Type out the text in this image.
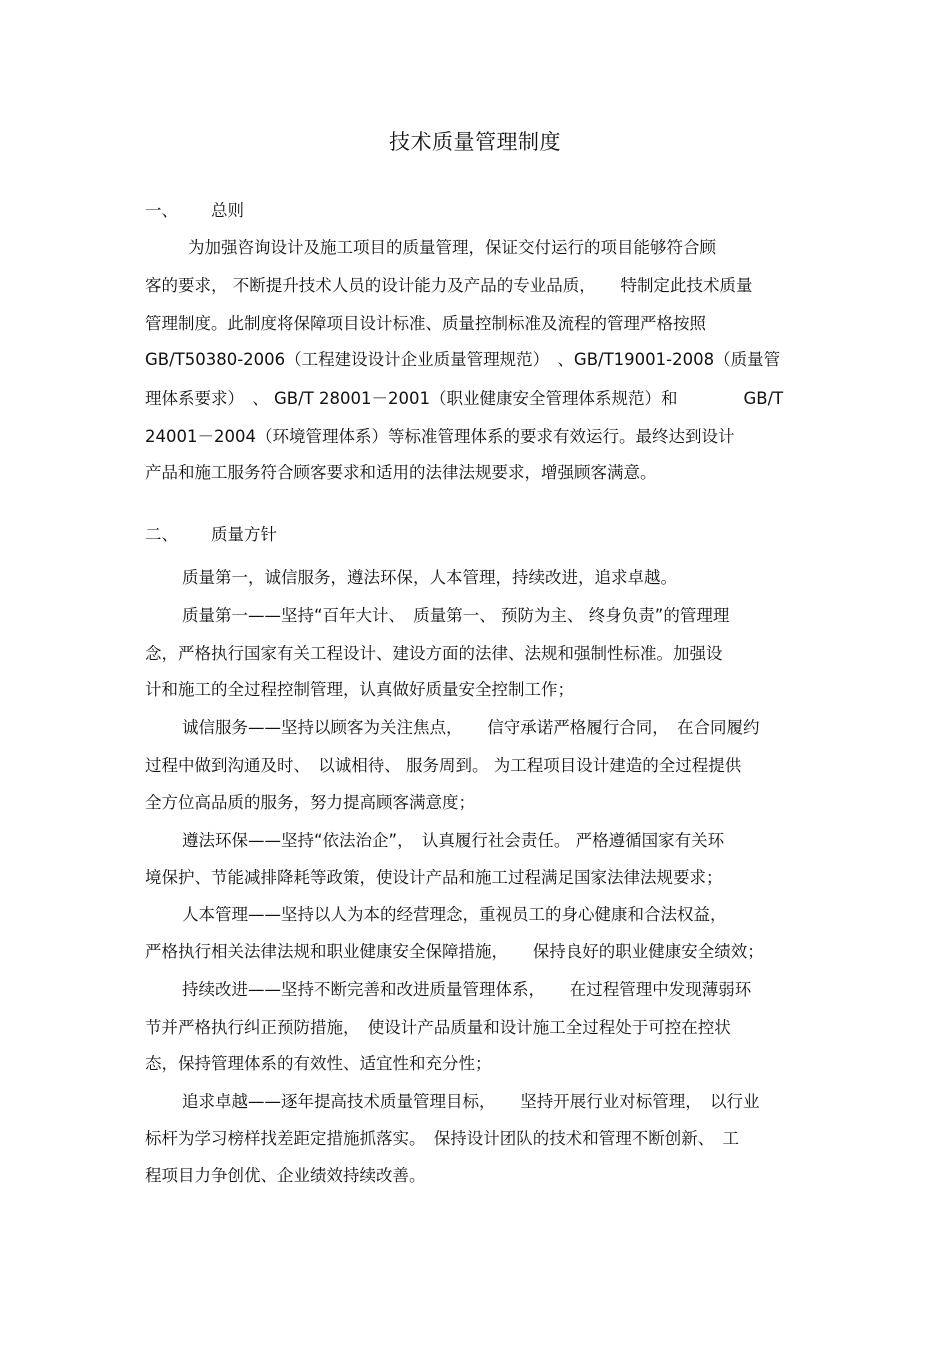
技术质量管理制度
一、 总则
为加强咨询设计及施工项目的质量管理，保证交付运行的项目能够符合顾
客的要求， 不断提升技术人员的设计能力及产品的专业品质，　　特制定此技术质量
管理制度。此制度将保障项目设计标准、质量控制标准及流程的管理严格按照
GB/T50380-2006（工程建设设计企业质量管理规范）　、GB/T19001-2008（质量管
理体系要求）　、 GB/T 28001－2001（职业健康安全管理体系规范）和　　　　GB/T
24001－2004（环境管理体系）等标准管理体系的要求有效运行。最终达到设计
产品和施工服务符合顾客要求和适用的法律法规要求，增强顾客满意。
二、 质量方针
质量第一，诚信服务，遵法环保，人本管理，持续改进，追求卓越。
质量第一——坚持“百年大计、　质量第一、 预防为主、 终身负责”的管理理
念，严格执行国家有关工程设计、建设方面的法律、法规和强制性标准。加强设
计和施工的全过程控制管理，认真做好质量安全控制工作；
诚信服务——坚持以顾客为关注焦点，　　信守承诺严格履行合同，　在合同履约
过程中做到沟通及时、　以诚相待、 服务周到。 为工程项目设计建造的全过程提供
全方位高品质的服务，努力提高顾客满意度；
遵法环保——坚持“依法治企”，　认真履行社会责任。 严格遵循国家有关环
境保护、节能减排降耗等政策，使设计产品和施工过程满足国家法律法规要求；
人本管理——坚持以人为本的经营理念，重视员工的身心健康和合法权益，
严格执行相关法律法规和职业健康安全保障措施，　　保持良好的职业健康安全绩效；
持续改进——坚持不断完善和改进质量管理体系，　　在过程管理中发现薄弱环
节并严格执行纠正预防措施，　使设计产品质量和设计施工全过程处于可控在控状
态，保持管理体系的有效性、适宜性和充分性；
追求卓越——逐年提高技术质量管理目标，　　坚持开展行业对标管理，　以行业
标杆为学习榜样找差距定措施抓落实。　保持设计团队的技术和管理不断创新、　工
程项目力争创优、企业绩效持续改善。
